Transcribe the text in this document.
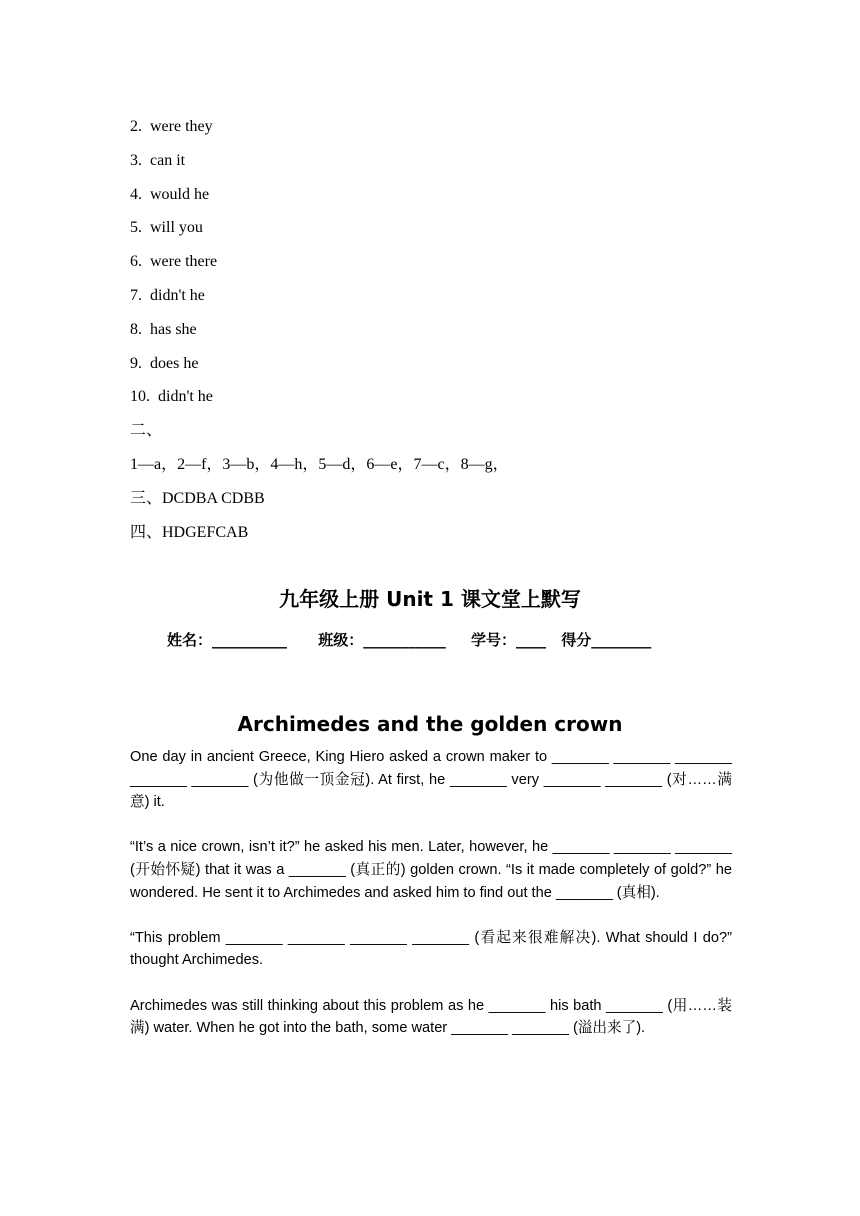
2. were they
3. can it
4. would he
5. will you
6. were there
7. didn't he
8. has she
9. does he
10. didn't he
二、
1—a，2—f，3—b，4—h，5—d，6—e，7—c，8—g，
三、DCDBA CDBB
四、HDGEFCAB
九年级上册 Unit 1 课文堂上默写
姓名：__________ 班级：___________ 学号：____ 得分________
Archimedes and the golden crown

One day in ancient Greece, King Hiero asked a crown maker to _______ _______ _______ _______ _______ (为他做一顶金冠). At first, he _______ very _______ _______ (对……满意) it.

“It’s a nice crown, isn’t it?” he asked his men. Later, however, he _______ _______ _______ (开始怀疑) that it was a _______ (真正的) golden crown. “Is it made completely of gold?” he wondered. He sent it to Archimedes and asked him to find out the _______ (真相).

“This problem _______ _______ _______ _______ (看起来很难解决). What should I do?” thought Archimedes.

Archimedes was still thinking about this problem as he _______ his bath _______ (用……装满) water. When he got into the bath, some water _______ _______ (溢出来了).
